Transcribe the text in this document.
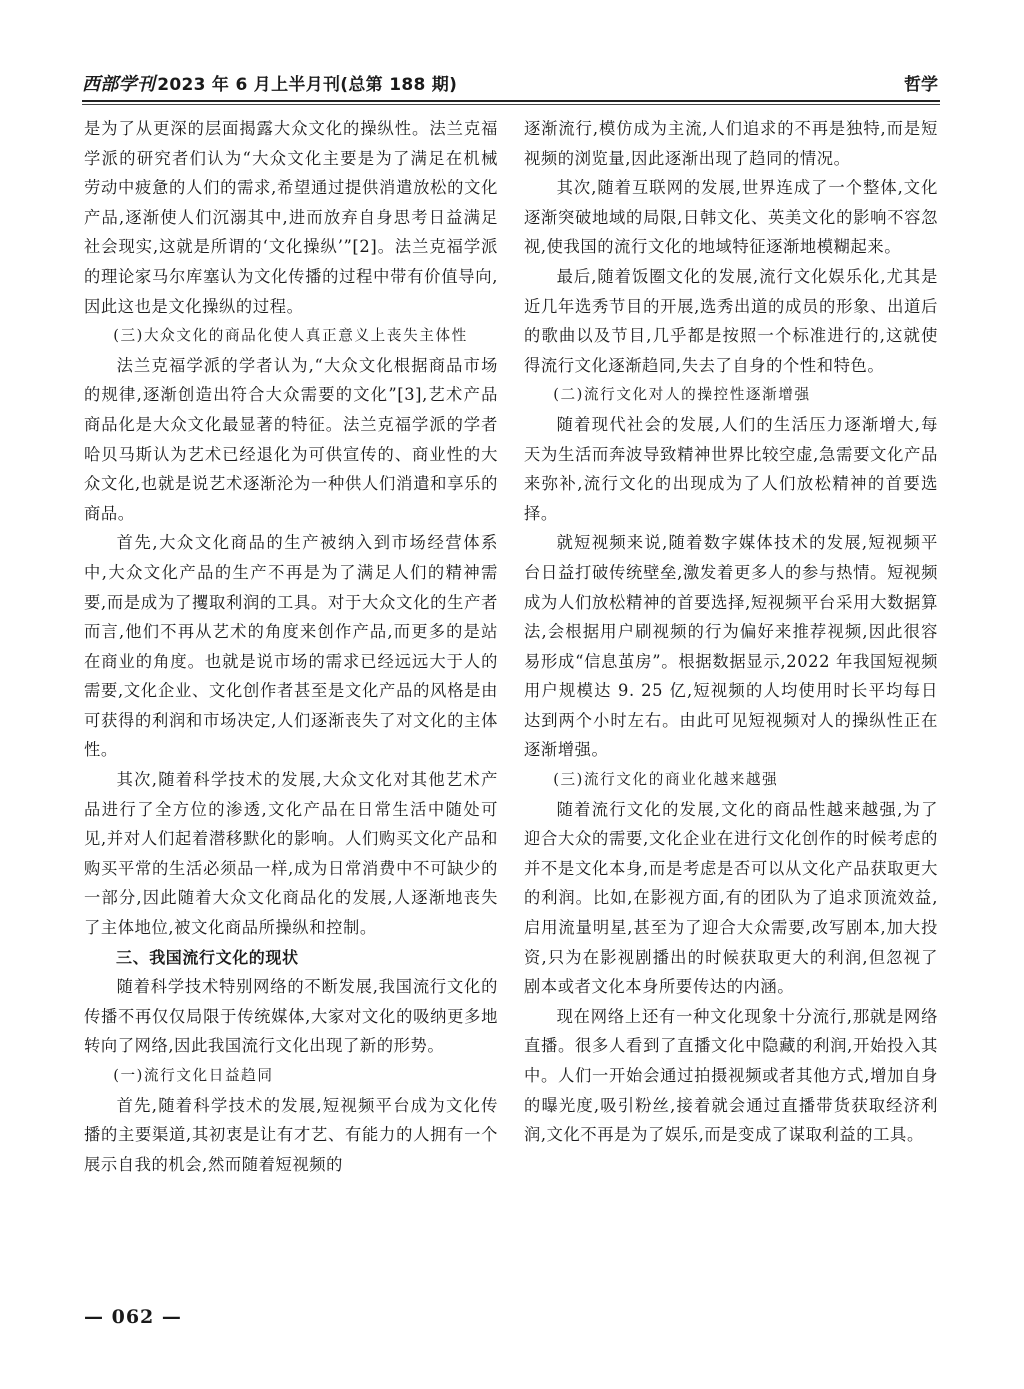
西部学刊 2023 年 6 月上半月刊(总第 188 期)	哲学

是为了从更深的层面揭露大众文化的操纵性。法兰克福学派的研究者们认为“大众文化主要是为了满足在机械劳动中疲惫的人们的需求,希望通过提供消遣放松的文化产品,逐渐使人们沉溺其中,进而放弃自身思考日益满足社会现实,这就是所谓的‘文化操纵’”[2]。法兰克福学派的理论家马尔库塞认为文化传播的过程中带有价值导向,因此这也是文化操纵的过程。

(三)大众文化的商品化使人真正意义上丧失主体性

法兰克福学派的学者认为,“大众文化根据商品市场的规律,逐渐创造出符合大众需要的文化”[3],艺术产品商品化是大众文化最显著的特征。法兰克福学派的学者哈贝马斯认为艺术已经退化为可供宣传的、商业性的大众文化,也就是说艺术逐渐沦为一种供人们消遣和享乐的商品。

首先,大众文化商品的生产被纳入到市场经营体系中,大众文化产品的生产不再是为了满足人们的精神需要,而是成为了攫取利润的工具。对于大众文化的生产者而言,他们不再从艺术的角度来创作产品,而更多的是站在商业的角度。也就是说市场的需求已经远远大于人的需要,文化企业、文化创作者甚至是文化产品的风格是由可获得的利润和市场决定,人们逐渐丧失了对文化的主体性。

其次,随着科学技术的发展,大众文化对其他艺术产品进行了全方位的渗透,文化产品在日常生活中随处可见,并对人们起着潜移默化的影响。人们购买文化产品和购买平常的生活必须品一样,成为日常消费中不可缺少的一部分,因此随着大众文化商品化的发展,人逐渐地丧失了主体地位,被文化商品所操纵和控制。

三、我国流行文化的现状

随着科学技术特别网络的不断发展,我国流行文化的传播不再仅仅局限于传统媒体,大家对文化的吸纳更多地转向了网络,因此我国流行文化出现了新的形势。

(一)流行文化日益趋同

首先,随着科学技术的发展,短视频平台成为文化传播的主要渠道,其初衷是让有才艺、有能力的人拥有一个展示自我的机会,然而随着短视频的

逐渐流行,模仿成为主流,人们追求的不再是独特,而是短视频的浏览量,因此逐渐出现了趋同的情况。

其次,随着互联网的发展,世界连成了一个整体,文化逐渐突破地域的局限,日韩文化、英美文化的影响不容忽视,使我国的流行文化的地域特征逐渐地模糊起来。

最后,随着饭圈文化的发展,流行文化娱乐化,尤其是近几年选秀节目的开展,选秀出道的成员的形象、出道后的歌曲以及节目,几乎都是按照一个标准进行的,这就使得流行文化逐渐趋同,失去了自身的个性和特色。

(二)流行文化对人的操控性逐渐增强

随着现代社会的发展,人们的生活压力逐渐增大,每天为生活而奔波导致精神世界比较空虚,急需要文化产品来弥补,流行文化的出现成为了人们放松精神的首要选择。

就短视频来说,随着数字媒体技术的发展,短视频平台日益打破传统壁垒,激发着更多人的参与热情。短视频成为人们放松精神的首要选择,短视频平台采用大数据算法,会根据用户刷视频的行为偏好来推荐视频,因此很容易形成“信息茧房”。根据数据显示,2022 年我国短视频用户规模达 9. 25 亿,短视频的人均使用时长平均每日达到两个小时左右。由此可见短视频对人的操纵性正在逐渐增强。

(三)流行文化的商业化越来越强

随着流行文化的发展,文化的商品性越来越强,为了迎合大众的需要,文化企业在进行文化创作的时候考虑的并不是文化本身,而是考虑是否可以从文化产品获取更大的利润。比如,在影视方面,有的团队为了追求顶流效益,启用流量明星,甚至为了迎合大众需要,改写剧本,加大投资,只为在影视剧播出的时候获取更大的利润,但忽视了剧本或者文化本身所要传达的内涵。

现在网络上还有一种文化现象十分流行,那就是网络直播。很多人看到了直播文化中隐藏的利润,开始投入其中。人们一开始会通过拍摄视频或者其他方式,增加自身的曝光度,吸引粉丝,接着就会通过直播带货获取经济利润,文化不再是为了娱乐,而是变成了谋取利益的工具。

— 062 —
